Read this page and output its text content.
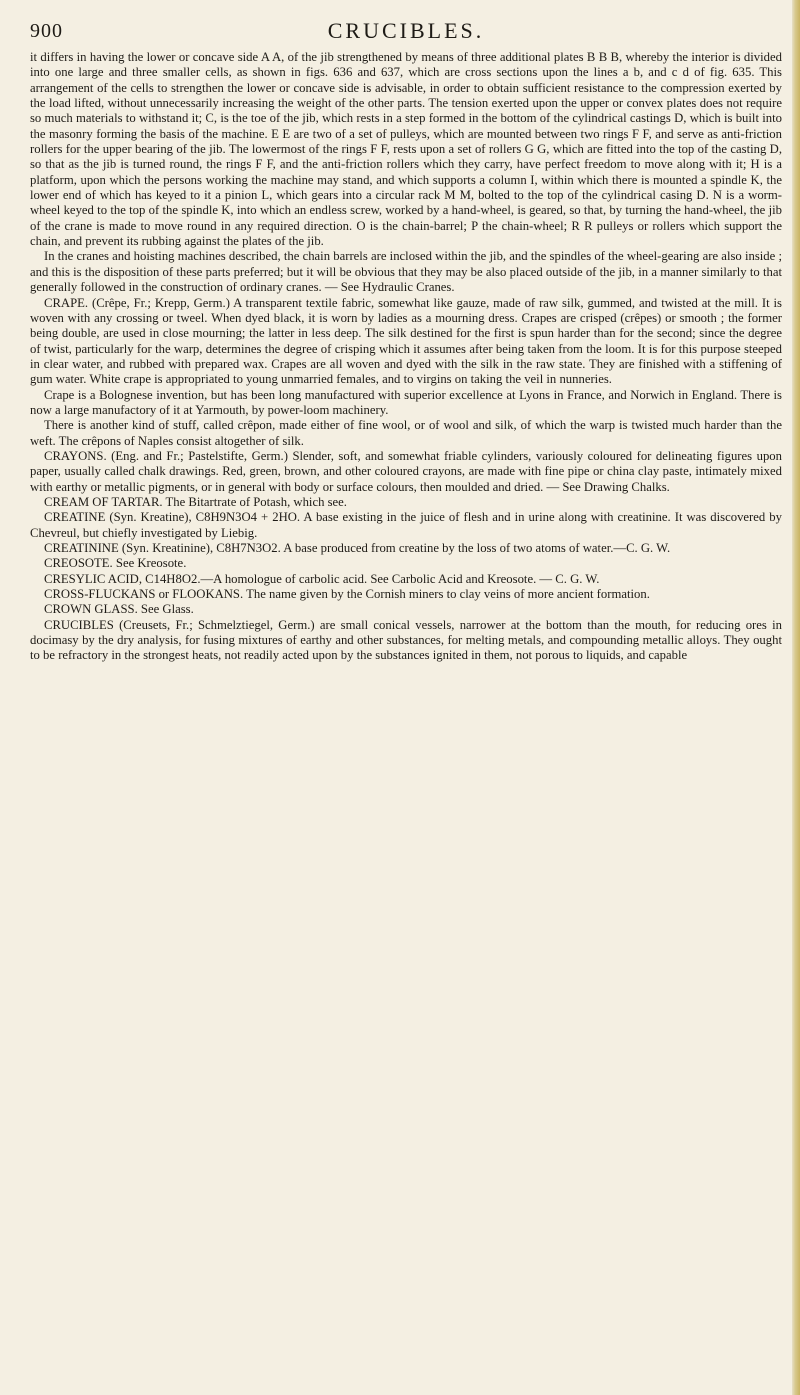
900	CRUCIBLES.

it differs in having the lower or concave side A A, of the jib strengthened by means of three additional plates B B B, whereby the interior is divided into one large and three smaller cells, as shown in figs. 636 and 637, which are cross sections upon the lines a b, and c d of fig. 635. This arrangement of the cells to strengthen the lower or concave side is advisable, in order to obtain sufficient resistance to the compression exerted by the load lifted, without unnecessarily increasing the weight of the other parts. The tension exerted upon the upper or convex plates does not require so much materials to withstand it; C, is the toe of the jib, which rests in a step formed in the bottom of the cylindrical castings D, which is built into the masonry forming the basis of the machine. E E are two of a set of pulleys, which are mounted between two rings F F, and serve as anti-friction rollers for the upper bearing of the jib. The lowermost of the rings F F, rests upon a set of rollers G G, which are fitted into the top of the casting D, so that as the jib is turned round, the rings F F, and the anti-friction rollers which they carry, have perfect freedom to move along with it; H is a platform, upon which the persons working the machine may stand, and which supports a column I, within which there is mounted a spindle K, the lower end of which has keyed to it a pinion L, which gears into a circular rack M M, bolted to the top of the cylindrical casing D. N is a worm-wheel keyed to the top of the spindle K, into which an endless screw, worked by a hand-wheel, is geared, so that, by turning the hand-wheel, the jib of the crane is made to move round in any required direction. O is the chain-barrel; P the chain-wheel; R R pulleys or rollers which support the chain, and prevent its rubbing against the plates of the jib.

In the cranes and hoisting machines described, the chain barrels are inclosed within the jib, and the spindles of the wheel-gearing are also inside ; and this is the disposition of these parts preferred; but it will be obvious that they may be also placed outside of the jib, in a manner similarly to that generally followed in the construction of ordinary cranes. — See Hydraulic Cranes.

CRAPE. (Crêpe, Fr.; Krepp, Germ.) A transparent textile fabric, somewhat like gauze, made of raw silk, gummed, and twisted at the mill. It is woven with any crossing or tweel. When dyed black, it is worn by ladies as a mourning dress. Crapes are crisped (crêpes) or smooth ; the former being double, are used in close mourning; the latter in less deep. The silk destined for the first is spun harder than for the second; since the degree of twist, particularly for the warp, determines the degree of crisping which it assumes after being taken from the loom. It is for this purpose steeped in clear water, and rubbed with prepared wax. Crapes are all woven and dyed with the silk in the raw state. They are finished with a stiffening of gum water. White crape is appropriated to young unmarried females, and to virgins on taking the veil in nunneries.

Crape is a Bolognese invention, but has been long manufactured with superior excellence at Lyons in France, and Norwich in England. There is now a large manufactory of it at Yarmouth, by power-loom machinery.

There is another kind of stuff, called crêpon, made either of fine wool, or of wool and silk, of which the warp is twisted much harder than the weft. The crêpons of Naples consist altogether of silk.

CRAYONS. (Eng. and Fr.; Pastelstifte, Germ.) Slender, soft, and somewhat friable cylinders, variously coloured for delineating figures upon paper, usually called chalk drawings. Red, green, brown, and other coloured crayons, are made with fine pipe or china clay paste, intimately mixed with earthy or metallic pigments, or in general with body or surface colours, then moulded and dried. — See Drawing Chalks.

CREAM OF TARTAR. The Bitartrate of Potash, which see.

CREATINE (Syn. Kreatine), C8H9N3O4 + 2HO. A base existing in the juice of flesh and in urine along with creatinine. It was discovered by Chevreul, but chiefly investigated by Liebig.

CREATININE (Syn. Kreatinine), C8H7N3O2. A base produced from creatine by the loss of two atoms of water.—C. G. W.

CREOSOTE. See Kreosote.

CRESYLIC ACID, C14H8O2.—A homologue of carbolic acid. See Carbolic Acid and Kreosote. — C. G. W.

CROSS-FLUCKANS or FLOOKANS. The name given by the Cornish miners to clay veins of more ancient formation.

CROWN GLASS. See Glass.

CRUCIBLES (Creusets, Fr.; Schmelztiegel, Germ.) are small conical vessels, narrower at the bottom than the mouth, for reducing ores in docimasy by the dry analysis, for fusing mixtures of earthy and other substances, for melting metals, and compounding metallic alloys. They ought to be refractory in the strongest heats, not readily acted upon by the substances ignited in them, not porous to liquids, and capable
